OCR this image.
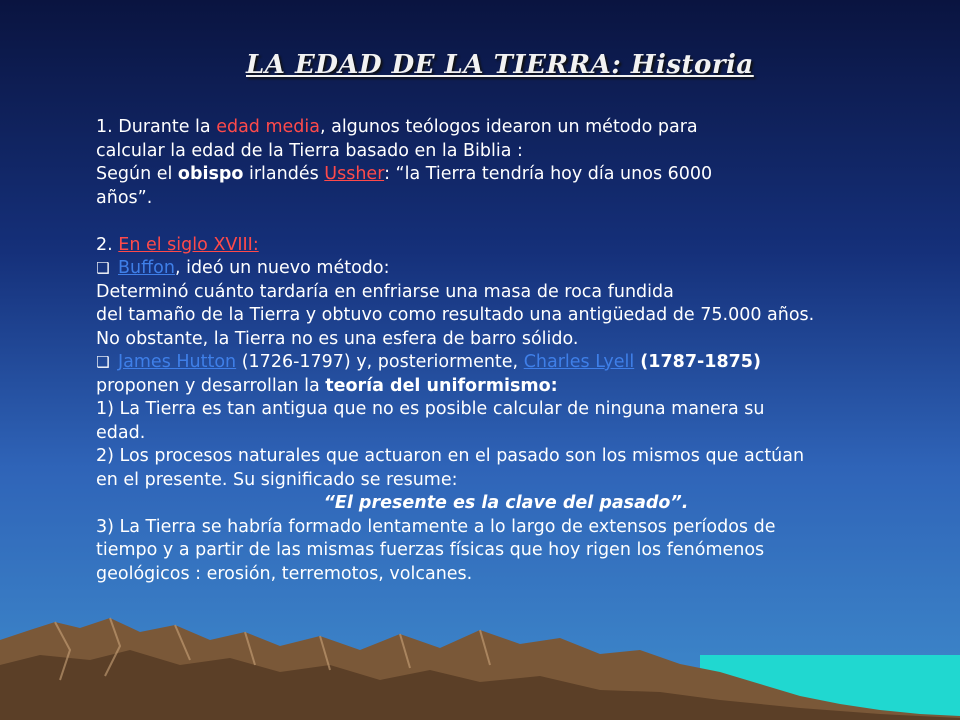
LA EDAD DE LA TIERRA: Historia

1. Durante la edad media, algunos teólogos idearon un método para

calcular la edad de la Tierra basado en la Biblia :

Según el obispo irlandés Ussher: “la Tierra tendría hoy día unos 6000

años”.

2. En el siglo XVIII:

❑ Buffon, ideó un nuevo método:

Determinó cuánto tardaría en enfriarse una masa de roca fundida

del tamaño de la Tierra y obtuvo como resultado una antigüedad de 75.000 años.

No obstante, la Tierra no es una esfera de barro sólido.

❑ James Hutton (1726-1797) y, posteriormente, Charles Lyell (1787-1875)

proponen y desarrollan la teoría del uniformismo:

1) La Tierra es tan antigua que no es posible calcular de ninguna manera su

edad.

2) Los procesos naturales que actuaron en el pasado son los mismos que actúan

en el presente. Su significado se resume:

“El presente es la clave del pasado”.

3) La Tierra se habría formado lentamente a lo largo de extensos períodos de

tiempo y a partir de las mismas fuerzas físicas que hoy rigen los fenómenos

geológicos : erosión, terremotos, volcanes.
